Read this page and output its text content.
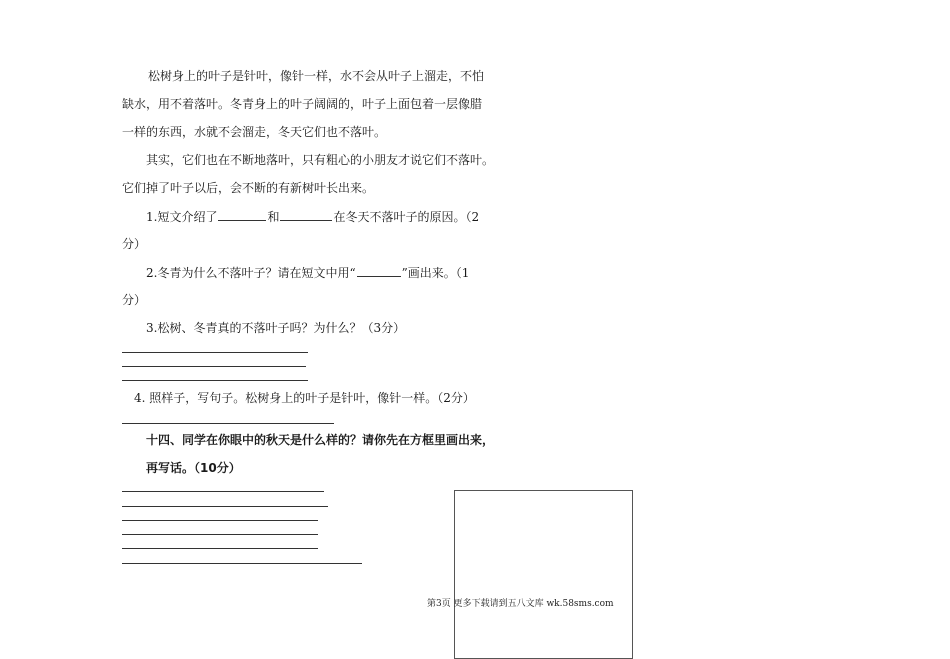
松树身上的叶子是针叶，像针一样，水不会从叶子上溜走，不怕
缺水，用不着落叶。冬青身上的叶子阔阔的，叶子上面包着一层像腊
一样的东西，水就不会溜走，冬天它们也不落叶。
其实，它们也在不断地落叶，只有粗心的小朋友才说它们不落叶。
它们掉了叶子以后，会不断的有新树叶长出来。
1.短文介绍了	和	在冬天不落叶子的原因。（2
分）
2.冬青为什么不落叶子？请在短文中用“	”画出来。（1
分）
3.松树、冬青真的不落叶子吗？为什么？（3分）
4. 照样子，写句子。松树身上的叶子是针叶，像针一样。（2分）
十四、同学在你眼中的秋天是什么样的？请你先在方框里画出来，
再写话。（10分）
第3页 更多下载请到五八文库 wk.58sms.com
